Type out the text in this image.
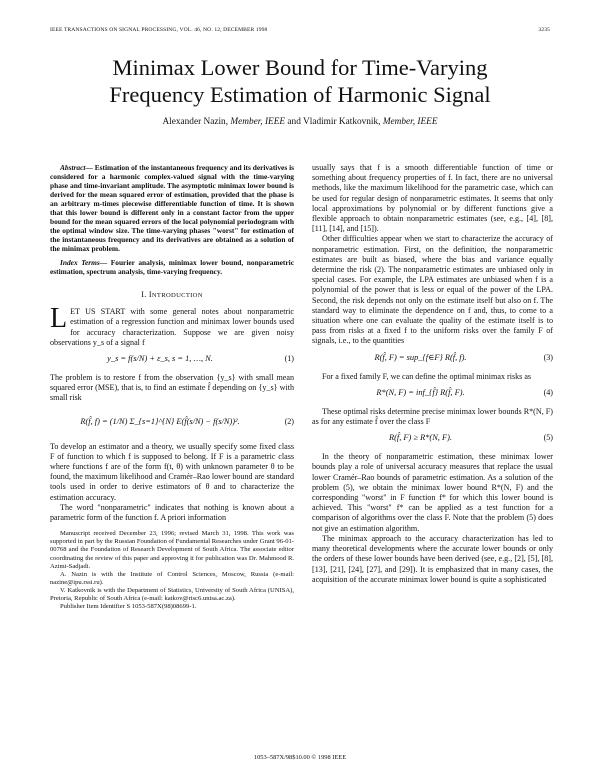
IEEE TRANSACTIONS ON SIGNAL PROCESSING, VOL. 46, NO. 12, DECEMBER 1998	3235
Minimax Lower Bound for Time-Varying
Frequency Estimation of Harmonic Signal
Alexander Nazin, Member, IEEE and Vladimir Katkovnik, Member, IEEE

Abstract— Estimation of the instantaneous frequency and its derivatives is considered for a harmonic complex-valued signal with the time-varying phase and time-invariant amplitude. The asymptotic minimax lower bound is derived for the mean squared error of estimation, provided that the phase is an arbitrary m-times piecewise differentiable function of time. It is shown that this lower bound is different only in a constant factor from the upper bound for the mean squared errors of the local polynomial periodogram with the optimal window size. The time-varying phases "worst" for estimation of the instantaneous frequency and its derivatives are obtained as a solution of the minimax problem.

Index Terms— Fourier analysis, minimax lower bound, nonparametric estimation, spectrum analysis, time-varying frequency.

I. INTRODUCTION

LET US START with some general notes about nonparametric estimation of a regression function and minimax lower bounds used for accuracy characterization. Suppose we are given noisy observations y_s of a signal f

y_s = f(s/N) + ε_s, s = 1, …, N.	(1)

The problem is to restore f from the observation {y_s} with small mean squared error (MSE), that is, to find an estimate f̂ depending on {y_s} with small risk

R(f̂, f) = (1/N) Σ_{s=1}^{N} E(f̂(s/N) − f(s/N))².	(2)

To develop an estimator and a theory, we usually specify some fixed class F of function to which f is supposed to belong. If F is a parametric class where functions f are of the form f(t, θ) with unknown parameter θ to be found, the maximum likelihood and Cramér–Rao lower bound are standard tools used in order to derive estimators of θ and to characterize the estimation accuracy.

The word "nonparametric" indicates that nothing is known about a parametric form of the function f. A priori information

Manuscript received December 23, 1996; revised March 31, 1998. This work was supported in part by the Russian Foundation of Fundamental Researches under Grant 96-01-00768 and the Foundation of Research Development of South Africa. The associate editor coordinating the review of this paper and approving it for publication was Dr. Mahmood R. Azimi-Sadjadi.

A. Nazin is with the Institute of Control Sciences, Moscow, Russia (e-mail: nazine@ipu.rssi.ru).

V. Katkovnik is with the Department of Statistics, University of South Africa (UNISA), Pretoria, Republic of South Africa (e-mail: katkov@risc6.unisa.ac.za).

Publisher Item Identifier S 1053-587X(98)08699-1.

usually says that f is a smooth differentiable function of time or something about frequency properties of f. In fact, there are no universal methods, like the maximum likelihood for the parametric case, which can be used for regular design of nonparametric estimates. It seems that only local approximations by polynomial or by different functions give a flexible approach to obtain nonparametric estimates (see, e.g., [4], [8], [11], [14], and [15]).

Other difficulties appear when we start to characterize the accuracy of nonparametric estimation. First, on the definition, the nonparametric estimates are built as biased, where the bias and variance equally determine the risk (2). The nonparametric estimates are unbiased only in special cases. For example, the LPA estimates are unbiased when f is a polynomial of the power that is less or equal of the power of the LPA. Second, the risk depends not only on the estimate itself but also on f. The standard way to eliminate the dependence on f and, thus, to come to a situation where one can evaluate the quality of the estimate itself is to pass from risks at a fixed f to the uniform risks over the family F of signals, i.e., to the quantities

R(f̂, F) = sup_{f∈F} R(f̂, f).	(3)

For a fixed family F, we can define the optimal minimax risks as

R*(N, F) = inf_{f̂} R(f̂, F).	(4)

These optimal risks determine precise minimax lower bounds R*(N, F) as for any estimate f̂ over the class F

R(f̂, F) ≥ R*(N, F).	(5)

In the theory of nonparametric estimation, these minimax lower bounds play a role of universal accuracy measures that replace the usual lower Cramér–Rao bounds of parametric estimation. As a solution of the problem (5), we obtain the minimax lower bound R*(N, F) and the corresponding "worst" in F function f* for which this lower bound is achieved. This "worst" f* can be applied as a test function for a comparison of algorithms over the class F. Note that the problem (5) does not give an estimation algorithm.

The minimax approach to the accuracy characterization has led to many theoretical developments where the accurate lower bounds or only the orders of these lower bounds have been derived (see, e.g., [2], [5], [8], [13], [21], [24], [27], and [29]). It is emphasized that in many cases, the acquisition of the accurate minimax lower bound is quite a sophisticated

1053–587X/98$10.00 © 1998 IEEE
